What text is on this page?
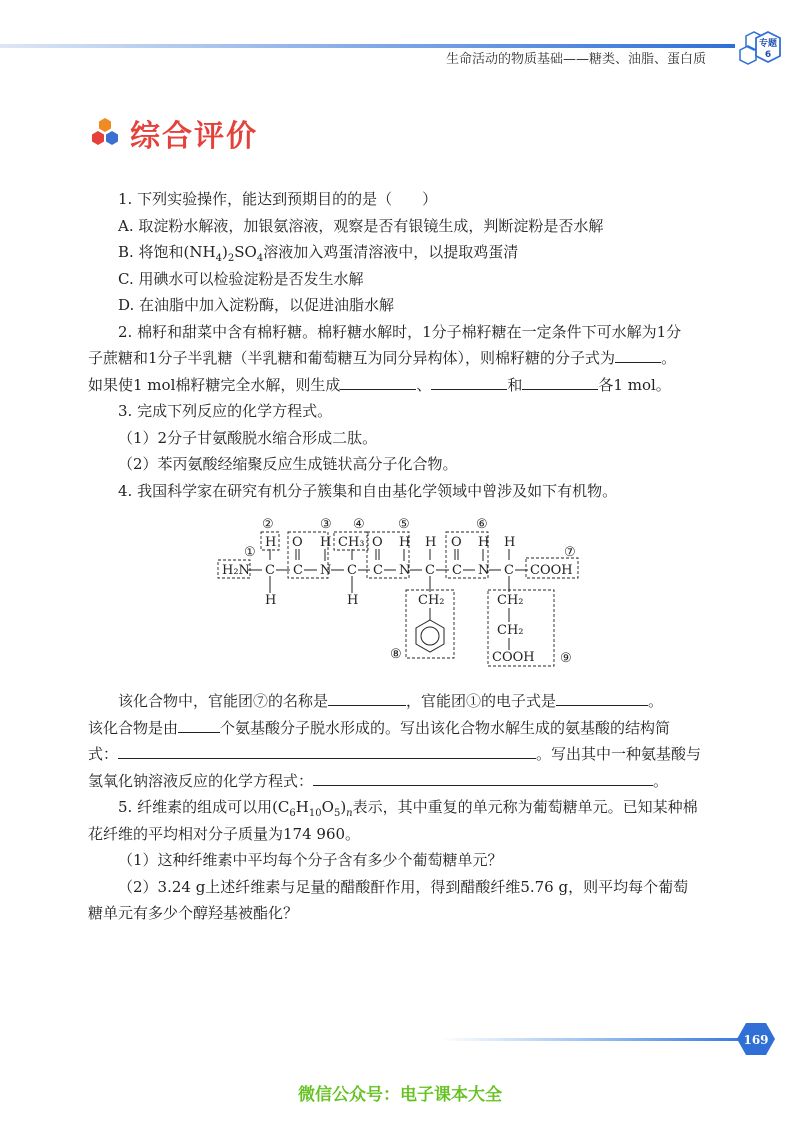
生命活动的物质基础——糖类、油脂、蛋白质
专题
6
综合评价

1. 下列实验操作，能达到预期目的的是（　　）

A. 取淀粉水解液，加银氨溶液，观察是否有银镜生成，判断淀粉是否水解

B. 将饱和$(NH_4)_2SO_4$溶液加入鸡蛋清溶液中，以提取鸡蛋清

C. 用碘水可以检验淀粉是否发生水解

D. 在油脂中加入淀粉酶，以促进油脂水解

2. 棉籽和甜菜中含有棉籽糖。棉籽糖水解时，1分子棉籽糖在一定条件下可水解为1分

子蔗糖和1分子半乳糖（半乳糖和葡萄糖互为同分异构体），则棉籽糖的分子式为	。

如果使1 mol棉籽糖完全水解，则生成	、	和	各1 mol。

3. 完成下列反应的化学方程式。

（1）2分子甘氨酸脱水缩合形成二肽。

（2）苯丙氨酸经缩聚反应生成链状高分子化合物。

4. 我国科学家在研究有机分子簇集和自由基化学领域中曾涉及如下有机物。

①
②	③ ④	⑤	⑥
⑦
⑧	⑨
H₂N C C N C C N C C N C COOH
H O H CH₃ O H H O H H
H	H	CH₂	CH₂
CH₂
COOH

该化合物中，官能团⑦的名称是	，官能团①的电子式是	。

该化合物是由	个氨基酸分子脱水形成的。写出该化合物水解生成的氨基酸的结构简

式：	。写出其中一种氨基酸与

氢氧化钠溶液反应的化学方程式：	。

5. 纤维素的组成可以用$(C_6H_{10}O_5)_n$表示，其中重复的单元称为葡萄糖单元。已知某种棉

花纤维的平均相对分子质量为174 960。

（1）这种纤维素中平均每个分子含有多少个葡萄糖单元？

（2）3.24 g上述纤维素与足量的醋酸酐作用，得到醋酸纤维5.76 g，则平均每个葡萄

糖单元有多少个醇羟基被酯化？

169
微信公众号：电子课本大全
